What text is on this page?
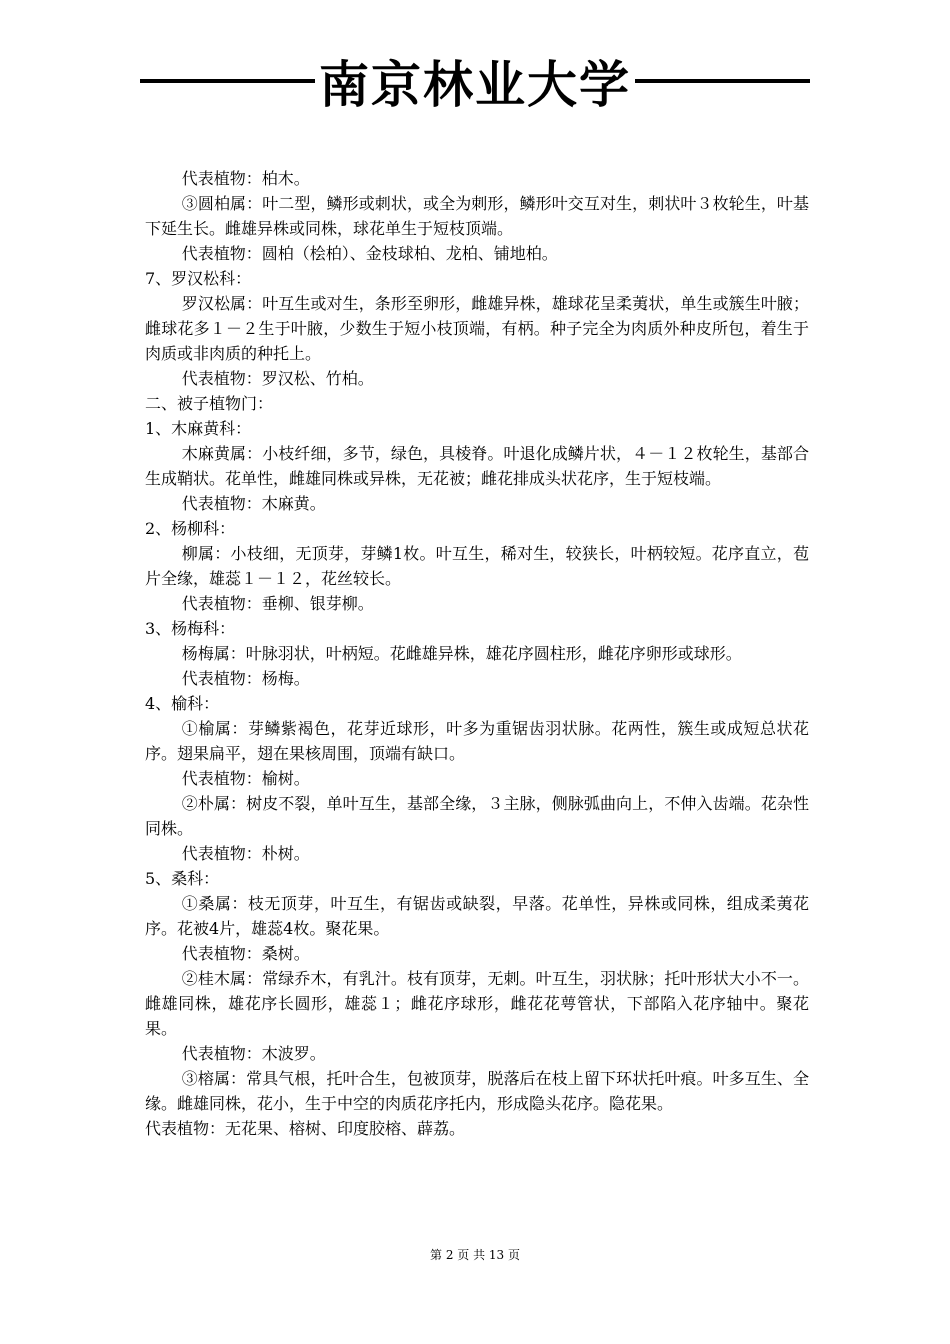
南京林业大学

代表植物：柏木。

③圆柏属：叶二型，鳞形或刺状，或全为刺形，鳞形叶交互对生，刺状叶３枚轮生，叶基下延生长。雌雄异株或同株，球花单生于短枝顶端。

代表植物：圆柏（桧柏）、金枝球柏、龙柏、铺地柏。

7、罗汉松科：

罗汉松属：叶互生或对生，条形至卵形，雌雄异株，雄球花呈柔荑状，单生或簇生叶腋；雌球花多１－２生于叶腋，少数生于短小枝顶端，有柄。种子完全为肉质外种皮所包，着生于肉质或非肉质的种托上。

代表植物：罗汉松、竹柏。

二、被子植物门：

1、木麻黄科：

木麻黄属：小枝纤细，多节，绿色，具棱脊。叶退化成鳞片状，４－１２枚轮生，基部合生成鞘状。花单性，雌雄同株或异株，无花被；雌花排成头状花序，生于短枝端。

代表植物：木麻黄。

2、杨柳科：

柳属：小枝细，无顶芽，芽鳞1枚。叶互生，稀对生，较狭长，叶柄较短。花序直立，苞片全缘，雄蕊１－１２，花丝较长。

代表植物：垂柳、银芽柳。

3、杨梅科：

杨梅属：叶脉羽状，叶柄短。花雌雄异株，雄花序圆柱形，雌花序卵形或球形。

代表植物：杨梅。

4、榆科：

①榆属：芽鳞紫褐色，花芽近球形，叶多为重锯齿羽状脉。花两性，簇生或成短总状花序。翅果扁平，翅在果核周围，顶端有缺口。

代表植物：榆树。

②朴属：树皮不裂，单叶互生，基部全缘，３主脉，侧脉弧曲向上，不伸入齿端。花杂性同株。

代表植物：朴树。

5、桑科：

①桑属：枝无顶芽，叶互生，有锯齿或缺裂，早落。花单性，异株或同株，组成柔荑花序。花被4片，雄蕊4枚。聚花果。

代表植物：桑树。

②桂木属：常绿乔木，有乳汁。枝有顶芽，无刺。叶互生，羽状脉；托叶形状大小不一。雌雄同株，雄花序长圆形，雄蕊１；雌花序球形，雌花花萼管状，下部陷入花序轴中。聚花果。

代表植物：木波罗。

③榕属：常具气根，托叶合生，包被顶芽，脱落后在枝上留下环状托叶痕。叶多互生、全缘。雌雄同株，花小，生于中空的肉质花序托内，形成隐头花序。隐花果。

代表植物：无花果、榕树、印度胶榕、薜荔。

第 2 页 共 13 页
